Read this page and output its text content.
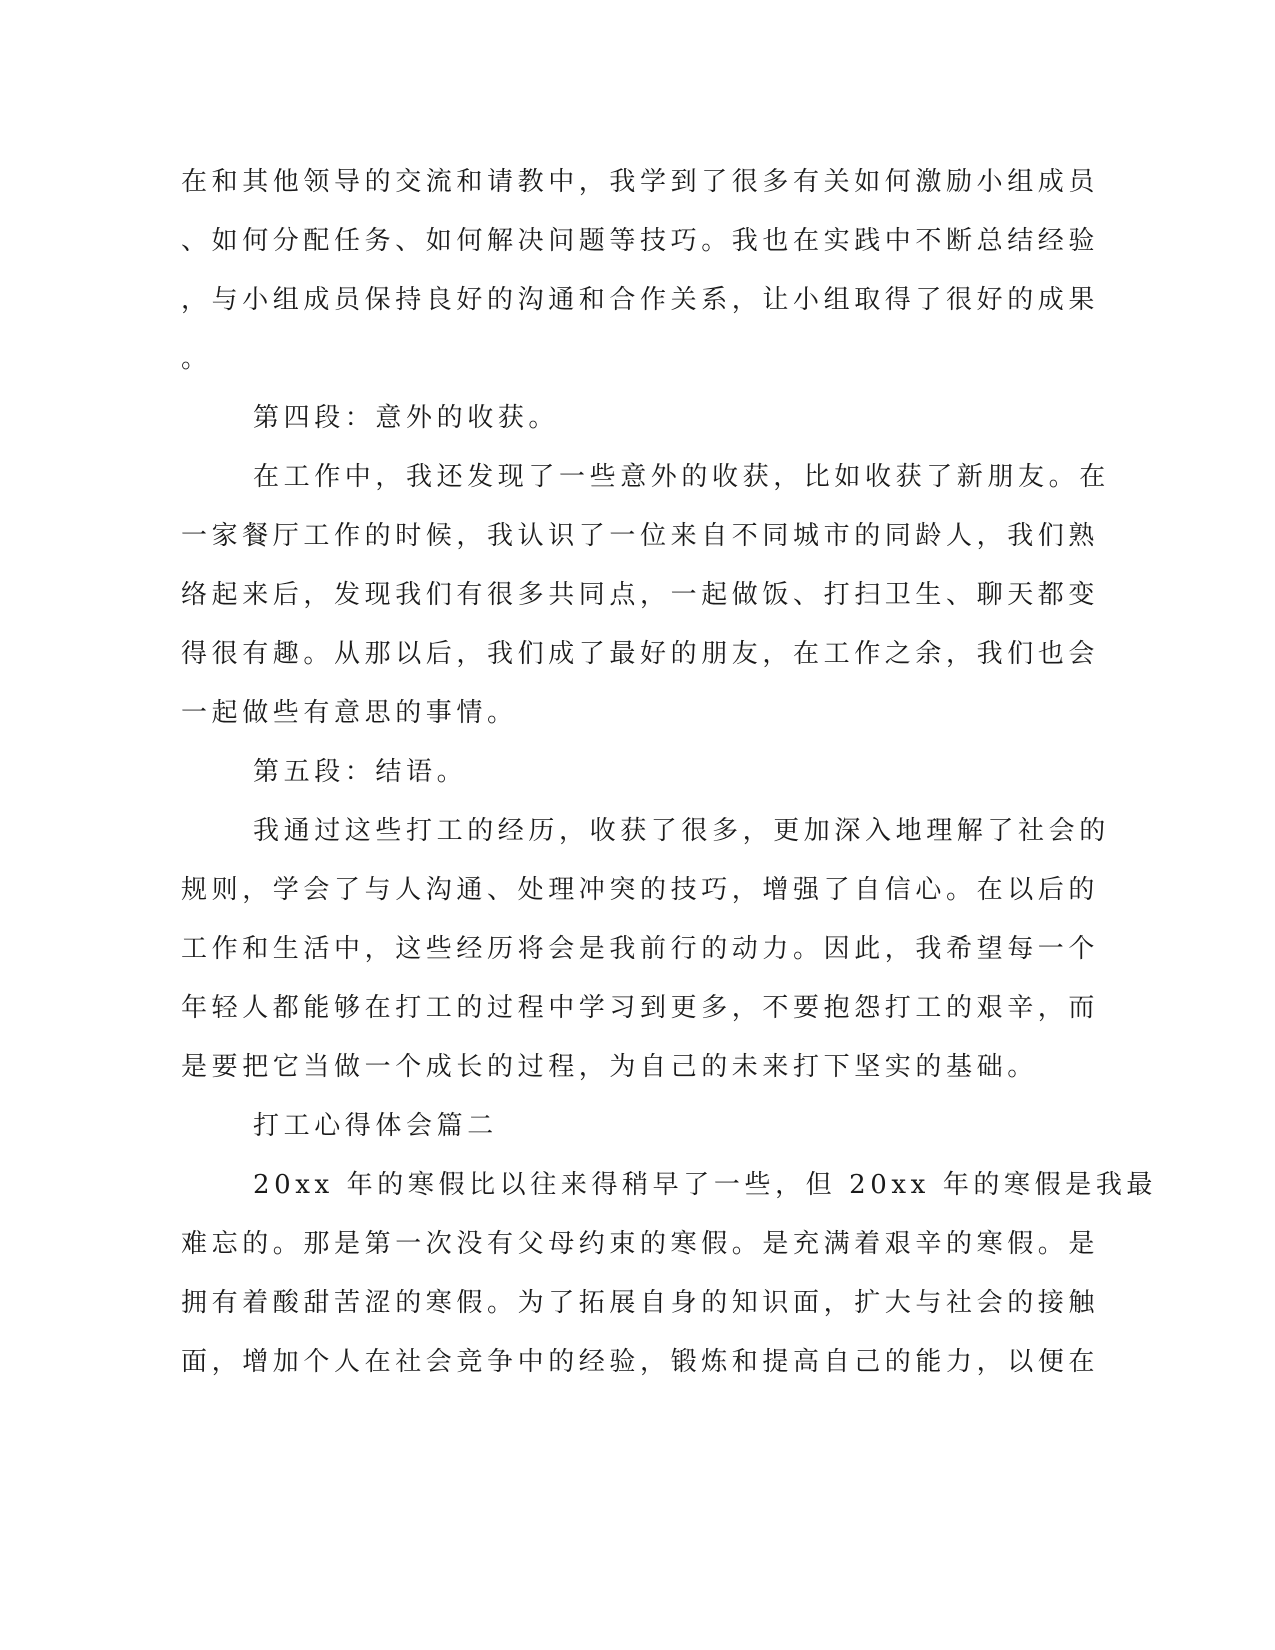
在和其他领导的交流和请教中，我学到了很多有关如何激励小组成员
、如何分配任务、如何解决问题等技巧。我也在实践中不断总结经验
，与小组成员保持良好的沟通和合作关系，让小组取得了很好的成果
。
第四段：意外的收获。
在工作中，我还发现了一些意外的收获，比如收获了新朋友。在
一家餐厅工作的时候，我认识了一位来自不同城市的同龄人，我们熟
络起来后，发现我们有很多共同点，一起做饭、打扫卫生、聊天都变
得很有趣。从那以后，我们成了最好的朋友，在工作之余，我们也会
一起做些有意思的事情。
第五段：结语。
我通过这些打工的经历，收获了很多，更加深入地理解了社会的
规则，学会了与人沟通、处理冲突的技巧，增强了自信心。在以后的
工作和生活中，这些经历将会是我前行的动力。因此，我希望每一个
年轻人都能够在打工的过程中学习到更多，不要抱怨打工的艰辛，而
是要把它当做一个成长的过程，为自己的未来打下坚实的基础。
打工心得体会篇二
20xx 年的寒假比以往来得稍早了一些，但 20xx 年的寒假是我最
难忘的。那是第一次没有父母约束的寒假。是充满着艰辛的寒假。是
拥有着酸甜苦涩的寒假。为了拓展自身的知识面，扩大与社会的接触
面，增加个人在社会竞争中的经验，锻炼和提高自己的能力，以便在
